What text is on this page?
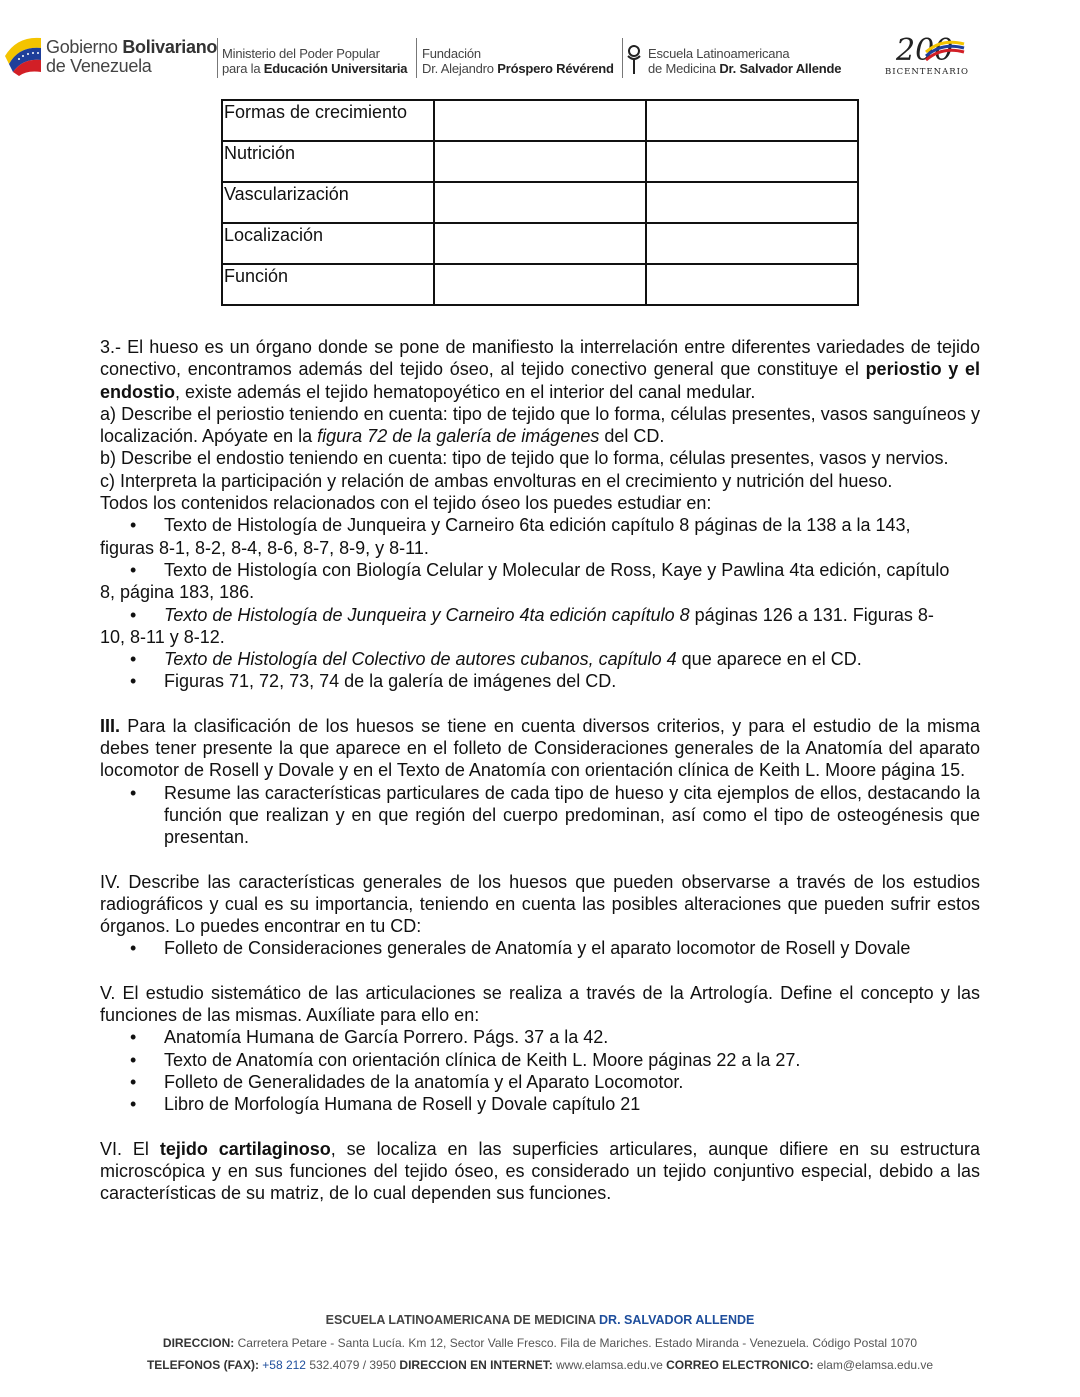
Gobierno Bolivariano
de Venezuela
Ministerio del Poder Popular
para la Educación Universitaria
Fundación
Dr. Alejandro Próspero Révérend
Escuela Latinoamericana
de Medicina Dr. Salvador Allende
200
BICENTENARIO
Formas de crecimiento		
Nutrición		
Vascularización		
Localización		
Función		

3.- El hueso es un órgano donde se pone de manifiesto la interrelación entre diferentes variedades de tejido conectivo, encontramos además del tejido óseo, al tejido conectivo general que constituye el periostio y el endostio, existe además el tejido hematopoyético en el interior del canal medular.

a) Describe el periostio teniendo en cuenta: tipo de tejido que lo forma, células presentes, vasos sanguíneos y localización. Apóyate en la figura 72 de la galería de imágenes del CD.

b) Describe el endostio teniendo en cuenta: tipo de tejido que lo forma, células presentes, vasos y nervios.

c) Interpreta la participación y relación de ambas envolturas en el crecimiento y nutrición del hueso.

Todos los contenidos relacionados con el tejido óseo los puedes estudiar en:

• Texto de Histología de Junqueira y Carneiro 6ta edición capítulo 8 páginas de la 138 a la 143,

figuras 8-1, 8-2, 8-4, 8-6, 8-7, 8-9, y 8-11.

• Texto de Histología con Biología Celular y Molecular de Ross, Kaye y Pawlina 4ta edición, capítulo

8, página 183, 186.

• Texto de Histología de Junqueira y Carneiro 4ta edición capítulo 8 páginas 126 a 131. Figuras 8-

10, 8-11 y 8-12.

• Texto de Histología del Colectivo de autores cubanos, capítulo 4 que aparece en el CD.

• Figuras 71, 72, 73, 74 de la galería de imágenes del CD.

III. Para la clasificación de los huesos se tiene en cuenta diversos criterios, y para el estudio de la misma debes tener presente la que aparece en el folleto de Consideraciones generales de la Anatomía del aparato locomotor de Rosell y Dovale y en el Texto de Anatomía con orientación clínica de Keith L. Moore página 15.

• Resume las características particulares de cada tipo de hueso y cita ejemplos de ellos, destacando la función que realizan y en que región del cuerpo predominan, así como el tipo de osteogénesis que presentan.

IV. Describe las características generales de los huesos que pueden observarse a través de los estudios radiográficos y cual es su importancia, teniendo en cuenta las posibles alteraciones que pueden sufrir estos órganos. Lo puedes encontrar en tu CD:

• Folleto de Consideraciones generales de Anatomía y el aparato locomotor de Rosell y Dovale

V. El estudio sistemático de las articulaciones se realiza a través de la Artrología. Define el concepto y las funciones de las mismas. Auxíliate para ello en:

• Anatomía Humana de García Porrero. Págs. 37 a la 42.

• Texto de Anatomía con orientación clínica de Keith L. Moore páginas 22 a la 27.

• Folleto de Generalidades de la anatomía y el Aparato Locomotor.

• Libro de Morfología Humana de Rosell y Dovale capítulo 21

VI. El tejido cartilaginoso, se localiza en las superficies articulares, aunque difiere en su estructura microscópica y en sus funciones del tejido óseo, es considerado un tejido conjuntivo especial, debido a las características de su matriz, de lo cual dependen sus funciones.

ESCUELA LATINOAMERICANA DE MEDICINA DR. SALVADOR ALLENDE
DIRECCION: Carretera Petare - Santa Lucía. Km 12, Sector Valle Fresco. Fila de Mariches. Estado Miranda - Venezuela. Código Postal 1070
TELEFONOS (FAX): +58 212 532.4079 / 3950 DIRECCION EN INTERNET: www.elamsa.edu.ve CORREO ELECTRONICO: elam@elamsa.edu.ve
